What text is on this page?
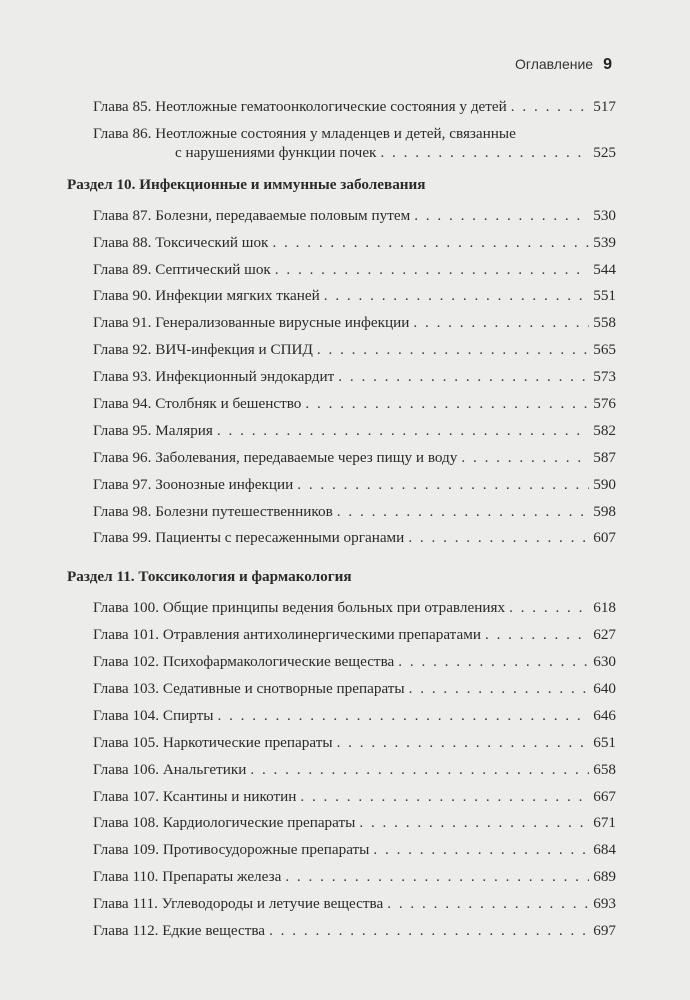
Оглавление 9
Глава 85. Неотложные гематоонкологические состояния у детей . . .	517
Глава 86. Неотложные состояния у младенцев и детей, связанные
с нарушениями функции почек . . .	525
Раздел 10. Инфекционные и иммунные заболевания
Глава 87. Болезни, передаваемые половым путем . . .	530
Глава 88. Токсический шок . . .	539
Глава 89. Септический шок . . .	544
Глава 90. Инфекции мягких тканей . . .	551
Глава 91. Генерализованные вирусные инфекции . . .	558
Глава 92. ВИЧ-инфекция и СПИД . . .	565
Глава 93. Инфекционный эндокардит . . .	573
Глава 94. Столбняк и бешенство . . .	576
Глава 95. Малярия . . .	582
Глава 96. Заболевания, передаваемые через пищу и воду . . .	587
Глава 97. Зоонозные инфекции . . .	590
Глава 98. Болезни путешественников . . .	598
Глава 99. Пациенты с пересаженными органами . . .	607
Раздел 11. Токсикология и фармакология
Глава 100. Общие принципы ведения больных при отравлениях . . .	618
Глава 101. Отравления антихолинергическими препаратами . . .	627
Глава 102. Психофармакологические вещества . . .	630
Глава 103. Седативные и снотворные препараты . . .	640
Глава 104. Спирты . . .	646
Глава 105. Наркотические препараты . . .	651
Глава 106. Анальгетики . . .	658
Глава 107. Ксантины и никотин . . .	667
Глава 108. Кардиологические препараты . . .	671
Глава 109. Противосудорожные препараты . . .	684
Глава 110. Препараты железа . . .	689
Глава 111. Углеводороды и летучие вещества . . .	693
Глава 112. Едкие вещества . . .	697
